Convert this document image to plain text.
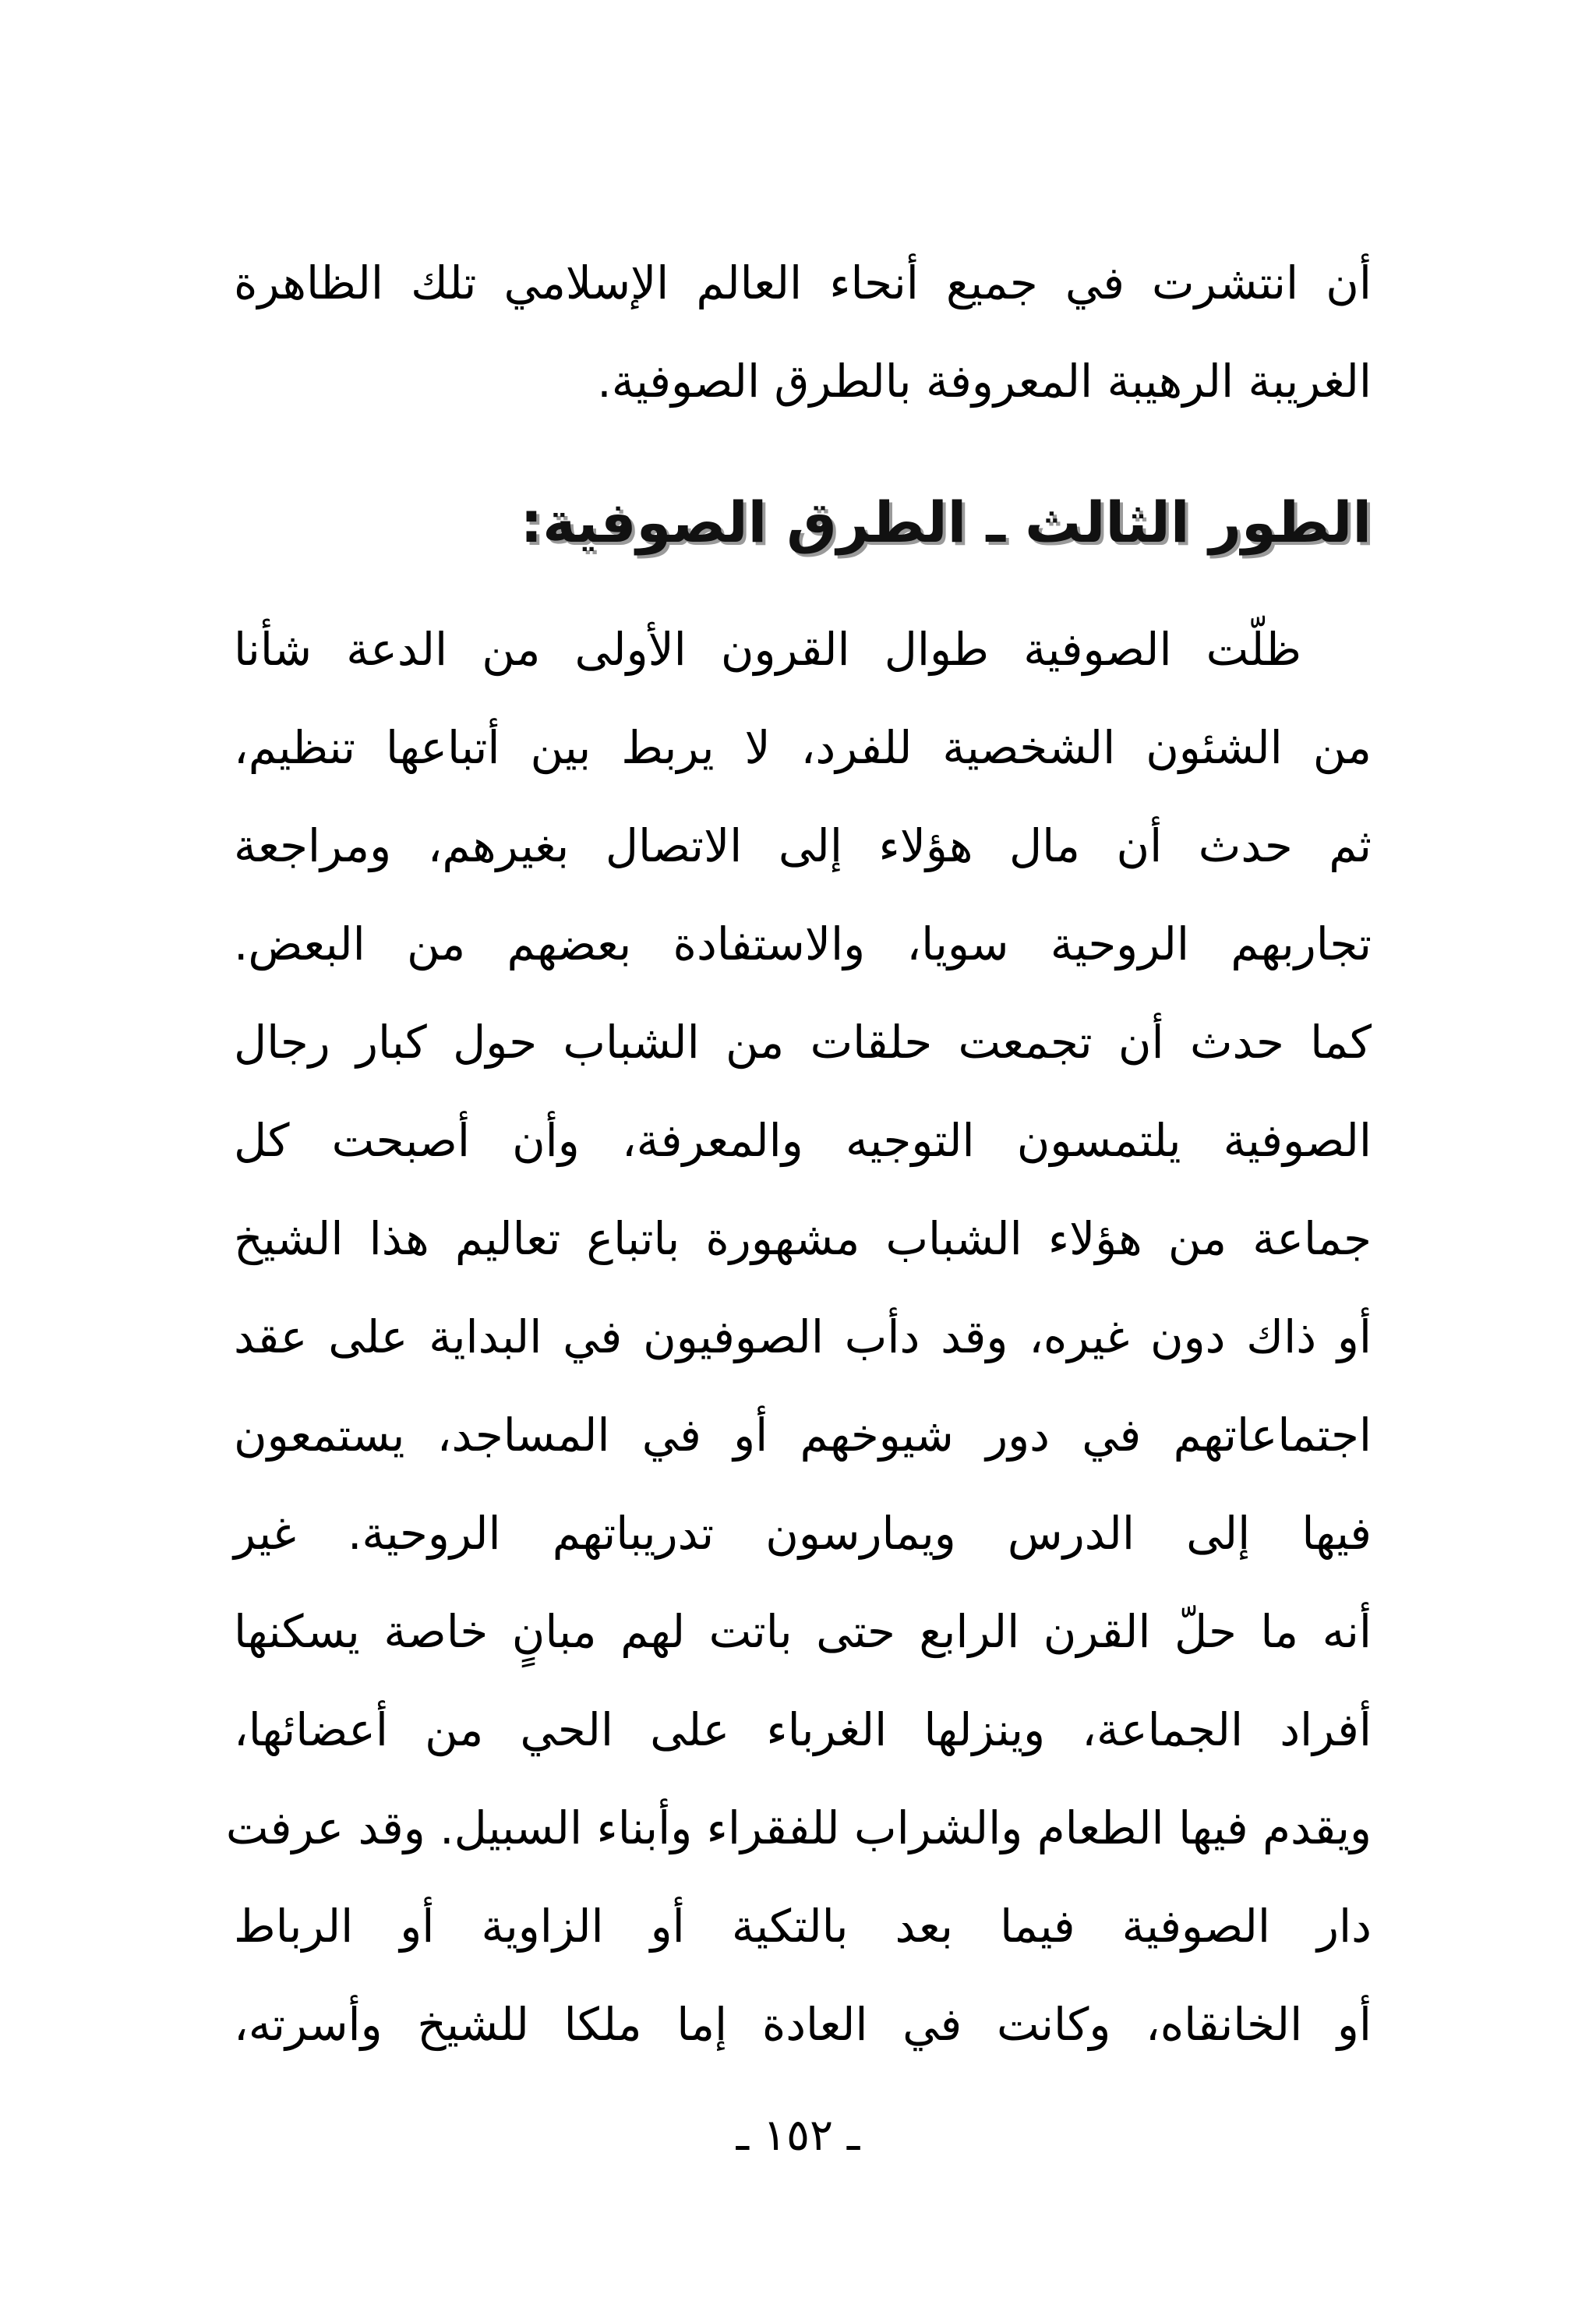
أن انتشرت في جميع أنحاء العالم الإسلامي تلك الظاهرة
الغريبة الرهيبة المعروفة بالطرق الصوفية.
الطور الثالث ـ الطرق الصوفية:
ظلّت الصوفية طوال القرون الأولى من الدعة شأنا
من الشئون الشخصية للفرد، لا يربط بين أتباعها تنظيم،
ثم حدث أن مال هؤلاء إلى الاتصال بغيرهم، ومراجعة
تجاربهم الروحية سويا، والاستفادة بعضهم من البعض.
كما حدث أن تجمعت حلقات من الشباب حول كبار رجال
الصوفية يلتمسون التوجيه والمعرفة، وأن أصبحت كل
جماعة من هؤلاء الشباب مشهورة باتباع تعاليم هذا الشيخ
أو ذاك دون غيره، وقد دأب الصوفيون في البداية على عقد
اجتماعاتهم في دور شيوخهم أو في المساجد، يستمعون
فيها إلى الدرس ويمارسون تدريباتهم الروحية. غير
أنه ما حلّ القرن الرابع حتى باتت لهم مبانٍ خاصة يسكنها
أفراد الجماعة، وينزلها الغرباء على الحي من أعضائها،
ويقدم فيها الطعام والشراب للفقراء وأبناء السبيل. وقد عرفت
دار الصوفية فيما بعد بالتكية أو الزاوية أو الرباط
أو الخانقاه، وكانت في العادة إما ملكا للشيخ وأسرته،
ـ ١٥٢ ـ
